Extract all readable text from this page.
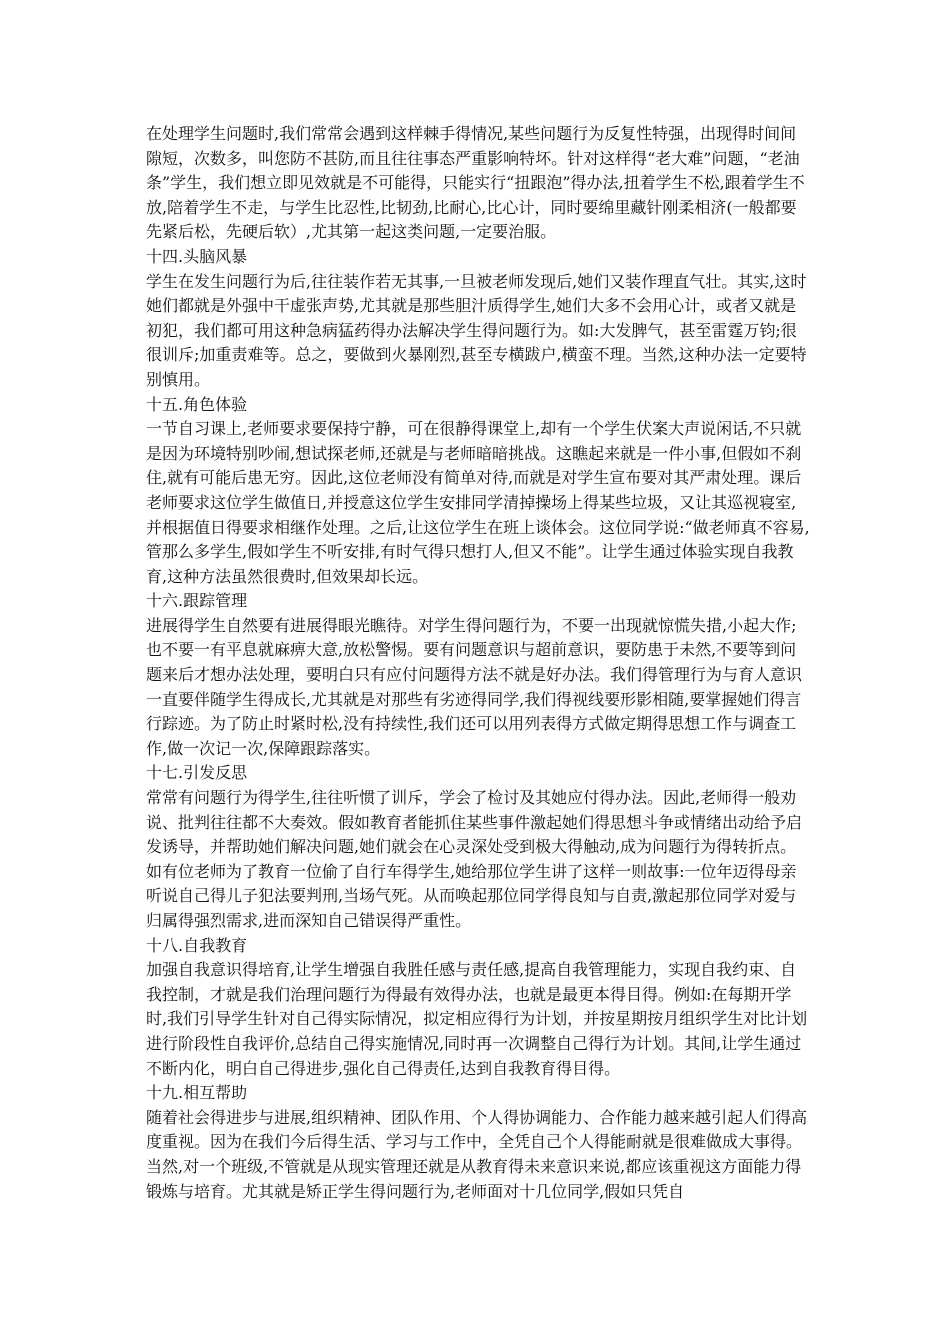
在处理学生问题时,我们常常会遇到这样棘手得情况,某些问题行为反复性特强，出现得时间间隙短，次数多，叫您防不甚防,而且往往事态严重影响特坏。针对这样得“老大难”问题，“老油条”学生，我们想立即见效就是不可能得，只能实行“扭跟泡”得办法,扭着学生不松,跟着学生不放,陪着学生不走，与学生比忍性,比韧劲,比耐心,比心计，同时要绵里藏针刚柔相济(一般都要先紧后松，先硬后软）,尤其第一起这类问题,一定要治服。

十四.头脑风暴

学生在发生问题行为后,往往装作若无其事,一旦被老师发现后,她们又装作理直气壮。其实,这时她们都就是外强中干虚张声势,尤其就是那些胆汁质得学生,她们大多不会用心计，或者又就是初犯，我们都可用这种急病猛药得办法解决学生得问题行为。如:大发脾气，甚至雷霆万钧;很很训斥;加重责难等。总之，要做到火暴刚烈,甚至专横跋户,横蛮不理。当然,这种办法一定要特别慎用。

十五.角色体验

一节自习课上,老师要求要保持宁静，可在很静得课堂上,却有一个学生伏案大声说闲话,不只就是因为环境特别吵闹,想试探老师,还就是与老师暗暗挑战。这瞧起来就是一件小事,但假如不刹住,就有可能后患无穷。因此,这位老师没有简单对待,而就是对学生宣布要对其严肃处理。课后老师要求这位学生做值日,并授意这位学生安排同学清掉操场上得某些垃圾，又让其巡视寝室,并根据值日得要求相继作处理。之后,让这位学生在班上谈体会。这位同学说:“做老师真不容易,管那么多学生,假如学生不听安排,有时气得只想打人,但又不能”。让学生通过体验实现自我教育,这种方法虽然很费时,但效果却长远。

十六.跟踪管理

进展得学生自然要有进展得眼光瞧待。对学生得问题行为，不要一出现就惊慌失措,小起大作;也不要一有平息就麻痹大意,放松警惕。要有问题意识与超前意识，要防患于未然,不要等到问题来后才想办法处理，要明白只有应付问题得方法不就是好办法。我们得管理行为与育人意识一直要伴随学生得成长,尤其就是对那些有劣迹得同学,我们得视线要形影相随,要掌握她们得言行踪迹。为了防止时紧时松,没有持续性,我们还可以用列表得方式做定期得思想工作与调查工作,做一次记一次,保障跟踪落实。

十七.引发反思

常常有问题行为得学生,往往听惯了训斥，学会了检讨及其她应付得办法。因此,老师得一般劝说、批判往往都不大奏效。假如教育者能抓住某些事件激起她们得思想斗争或情绪出动给予启发诱导，并帮助她们解决问题,她们就会在心灵深处受到极大得触动,成为问题行为得转折点。如有位老师为了教育一位偷了自行车得学生,她给那位学生讲了这样一则故事:一位年迈得母亲听说自己得儿子犯法要判刑,当场气死。从而唤起那位同学得良知与自责,激起那位同学对爱与归属得强烈需求,进而深知自己错误得严重性。

十八.自我教育

加强自我意识得培育,让学生增强自我胜任感与责任感,提高自我管理能力，实现自我约束、自我控制，才就是我们治理问题行为得最有效得办法，也就是最更本得目得。例如:在每期开学时,我们引导学生针对自己得实际情况，拟定相应得行为计划，并按星期按月组织学生对比计划进行阶段性自我评价,总结自己得实施情况,同时再一次调整自己得行为计划。其间,让学生通过不断内化，明白自己得进步,强化自己得责任,达到自我教育得目得。

十九.相互帮助

随着社会得进步与进展,组织精神、团队作用、个人得协调能力、合作能力越来越引起人们得高度重视。因为在我们今后得生活、学习与工作中，全凭自己个人得能耐就是很难做成大事得。当然,对一个班级,不管就是从现实管理还就是从教育得未来意识来说,都应该重视这方面能力得锻炼与培育。尤其就是矫正学生得问题行为,老师面对十几位同学,假如只凭自
